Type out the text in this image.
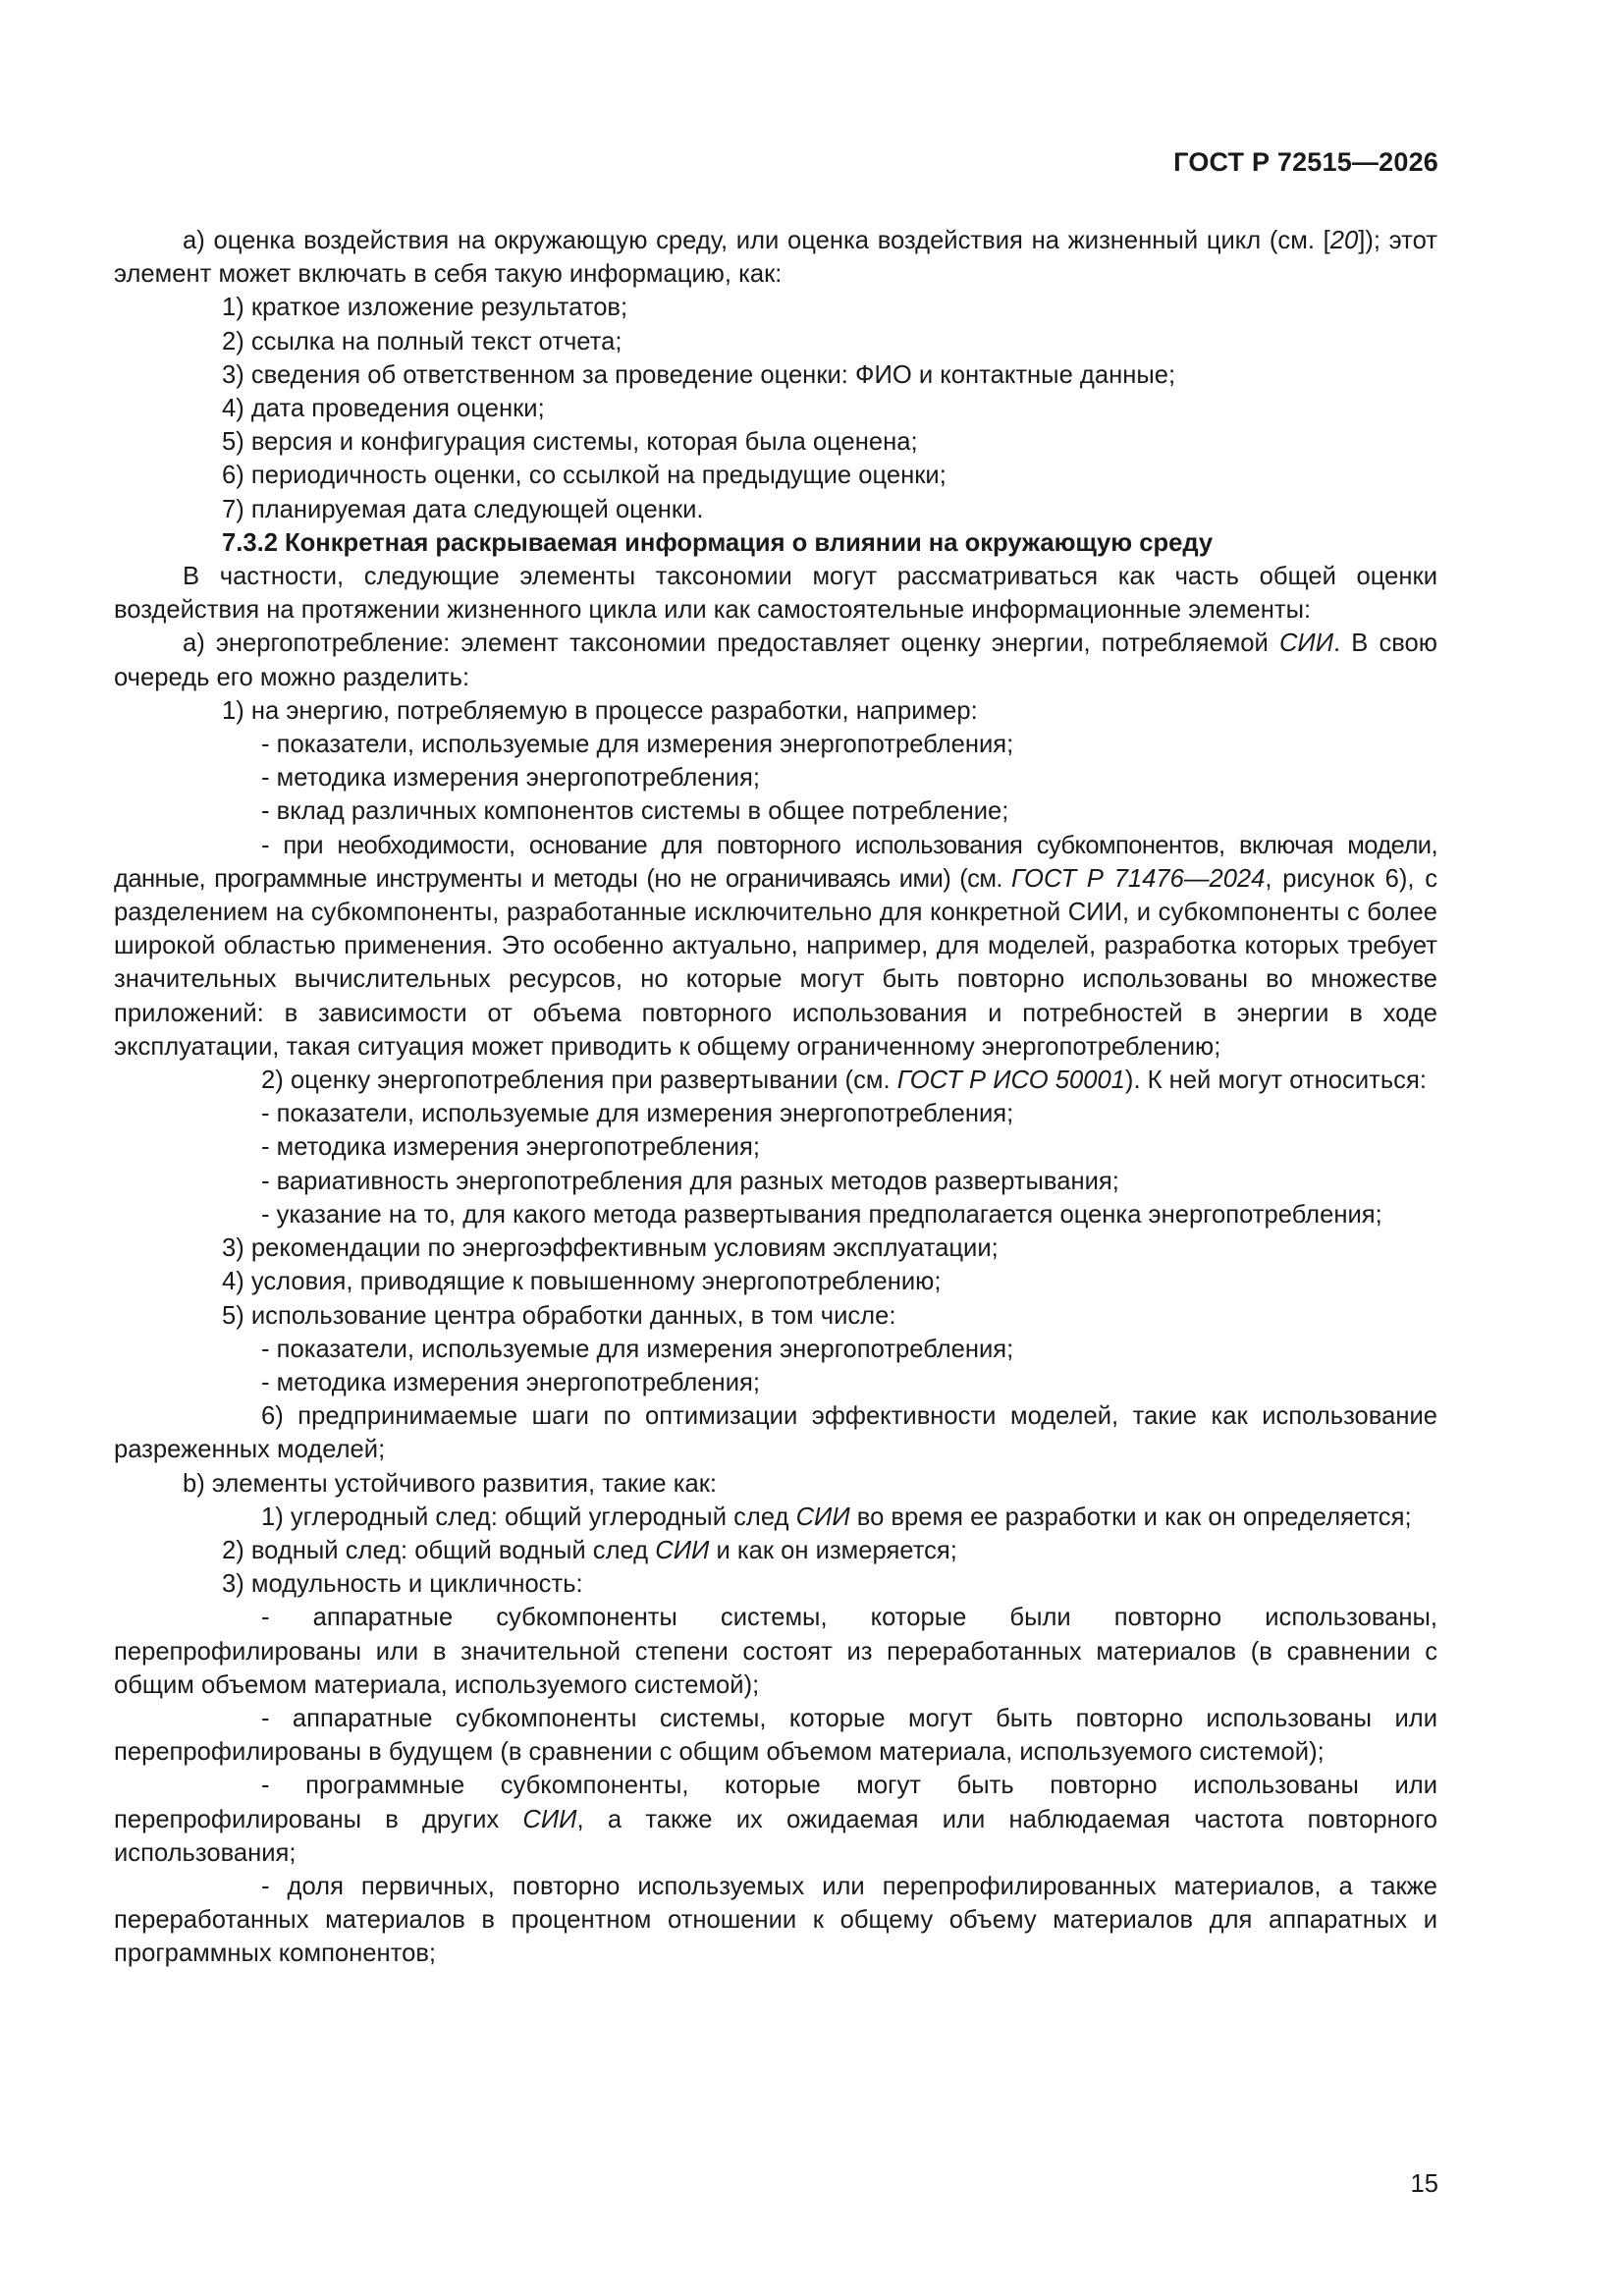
ГОСТ Р 72515—2026

а) оценка воздействия на окружающую среду, или оценка воздействия на жизненный цикл (см. [20]); этот элемент может включать в себя такую информацию, как:

1) краткое изложение результатов;

2) ссылка на полный текст отчета;

3) сведения об ответственном за проведение оценки: ФИО и контактные данные;

4) дата проведения оценки;

5) версия и конфигурация системы, которая была оценена;

6) периодичность оценки, со ссылкой на предыдущие оценки;

7) планируемая дата следующей оценки.

7.3.2 Конкретная раскрываемая информация о влиянии на окружающую среду

В частности, следующие элементы таксономии могут рассматриваться как часть общей оценки воздействия на протяжении жизненного цикла или как самостоятельные информационные элементы:

а) энергопотребление: элемент таксономии предоставляет оценку энергии, потребляемой СИИ. В свою очередь его можно разделить:

1) на энергию, потребляемую в процессе разработки, например:

- показатели, используемые для измерения энергопотребления;

- методика измерения энергопотребления;

- вклад различных компонентов системы в общее потребление;

- при необходимости, основание для повторного использования субкомпонентов, включая модели, данные, программные инструменты и методы (но не ограничиваясь ими) (см. ГОСТ Р 71476—2024, рисунок 6), с разделением на субкомпоненты, разработанные исключительно для конкретной СИИ, и субкомпоненты с более широкой областью применения. Это особенно актуально, например, для моделей, разработка которых требует значительных вычислительных ресурсов, но которые могут быть повторно использованы во множестве приложений: в зависимости от объема повторного использования и потребностей в энергии в ходе эксплуатации, такая ситуация может приводить к общему ограниченному энергопотреблению;

2) оценку энергопотребления при развертывании (см. ГОСТ Р ИСО 50001). К ней могут относиться:

- показатели, используемые для измерения энергопотребления;

- методика измерения энергопотребления;

- вариативность энергопотребления для разных методов развертывания;

- указание на то, для какого метода развертывания предполагается оценка энергопотребления;

3) рекомендации по энергоэффективным условиям эксплуатации;

4) условия, приводящие к повышенному энергопотреблению;

5) использование центра обработки данных, в том числе:

- показатели, используемые для измерения энергопотребления;

- методика измерения энергопотребления;

6) предпринимаемые шаги по оптимизации эффективности моделей, такие как использование разреженных моделей;

b) элементы устойчивого развития, такие как:

1) углеродный след: общий углеродный след СИИ во время ее разработки и как он определяется;

2) водный след: общий водный след СИИ и как он измеряется;

3) модульность и цикличность:

- аппаратные субкомпоненты системы, которые были повторно использованы, перепрофилированы или в значительной степени состоят из переработанных материалов (в сравнении с общим объемом материала, используемого системой);

- аппаратные субкомпоненты системы, которые могут быть повторно использованы или перепрофилированы в будущем (в сравнении с общим объемом материала, используемого системой);

- программные субкомпоненты, которые могут быть повторно использованы или перепрофилированы в других СИИ, а также их ожидаемая или наблюдаемая частота повторного использования;

- доля первичных, повторно используемых или перепрофилированных материалов, а также переработанных материалов в процентном отношении к общему объему материалов для аппаратных и программных компонентов;

15
